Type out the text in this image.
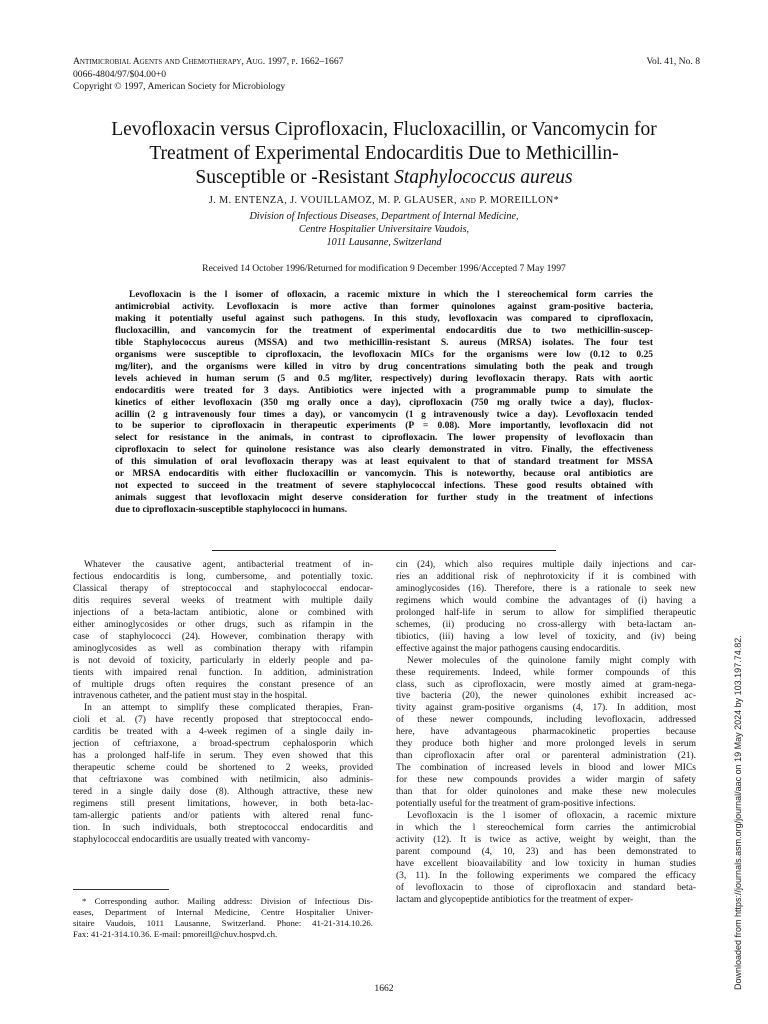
Antimicrobial Agents and Chemotherapy, Aug. 1997, p. 1662–1667
0066-4804/97/$04.00+0
Copyright © 1997, American Society for Microbiology
Vol. 41, No. 8
Levofloxacin versus Ciprofloxacin, Flucloxacillin, or Vancomycin for
Treatment of Experimental Endocarditis Due to Methicillin-
Susceptible or -Resistant Staphylococcus aureus
J. M. ENTENZA, J. VOUILLAMOZ, M. P. GLAUSER, and P. MOREILLON*
Division of Infectious Diseases, Department of Internal Medicine,
Centre Hospitalier Universitaire Vaudois,
1011 Lausanne, Switzerland
Received 14 October 1996/Returned for modification 9 December 1996/Accepted 7 May 1997
Levofloxacin is the l isomer of ofloxacin, a racemic mixture in which the l stereochemical form carries the
antimicrobial activity. Levofloxacin is more active than former quinolones against gram-positive bacteria,
making it potentially useful against such pathogens. In this study, levofloxacin was compared to ciprofloxacin,
flucloxacillin, and vancomycin for the treatment of experimental endocarditis due to two methicillin-suscep-
tible Staphylococcus aureus (MSSA) and two methicillin-resistant S. aureus (MRSA) isolates. The four test
organisms were susceptible to ciprofloxacin, the levofloxacin MICs for the organisms were low (0.12 to 0.25
mg/liter), and the organisms were killed in vitro by drug concentrations simulating both the peak and trough
levels achieved in human serum (5 and 0.5 mg/liter, respectively) during levofloxacin therapy. Rats with aortic
endocarditis were treated for 3 days. Antibiotics were injected with a programmable pump to simulate the
kinetics of either levofloxacin (350 mg orally once a day), ciprofloxacin (750 mg orally twice a day), fluclox-
acillin (2 g intravenously four times a day), or vancomycin (1 g intravenously twice a day). Levofloxacin tended
to be superior to ciprofloxacin in therapeutic experiments (P = 0.08). More importantly, levofloxacin did not
select for resistance in the animals, in contrast to ciprofloxacin. The lower propensity of levofloxacin than
ciprofloxacin to select for quinolone resistance was also clearly demonstrated in vitro. Finally, the effectiveness
of this simulation of oral levofloxacin therapy was at least equivalent to that of standard treatment for MSSA
or MRSA endocarditis with either flucloxacillin or vancomycin. This is noteworthy, because oral antibiotics are
not expected to succeed in the treatment of severe staphylococcal infections. These good results obtained with
animals suggest that levofloxacin might deserve consideration for further study in the treatment of infections
due to ciprofloxacin-susceptible staphylococci in humans.
Whatever the causative agent, antibacterial treatment of in-
fectious endocarditis is long, cumbersome, and potentially toxic.
Classical therapy of streptococcal and staphylococcal endocar-
ditis requires several weeks of treatment with multiple daily
injections of a beta-lactam antibiotic, alone or combined with
either aminoglycosides or other drugs, such as rifampin in the
case of staphylococci (24). However, combination therapy with
aminoglycosides as well as combination therapy with rifampin
is not devoid of toxicity, particularly in elderly people and pa-
tients with impaired renal function. In addition, administration
of multiple drugs often requires the constant presence of an
intravenous catheter, and the patient must stay in the hospital.
In an attempt to simplify these complicated therapies, Fran-
cioli et al. (7) have recently proposed that streptococcal endo-
carditis be treated with a 4-week regimen of a single daily in-
jection of ceftriaxone, a broad-spectrum cephalosporin which
has a prolonged half-life in serum. They even showed that this
therapeutic scheme could be shortened to 2 weeks, provided
that ceftriaxone was combined with netilmicin, also adminis-
tered in a single daily dose (8). Although attractive, these new
regimens still present limitations, however, in both beta-lac-
tam-allergic patients and/or patients with altered renal func-
tion. In such individuals, both streptococcal endocarditis and
staphylococcal endocarditis are usually treated with vancomy-
cin (24), which also requires multiple daily injections and car-
ries an additional risk of nephrotoxicity if it is combined with
aminoglycosides (16). Therefore, there is a rationale to seek new
regimens which would combine the advantages of (i) having a
prolonged half-life in serum to allow for simplified therapeutic
schemes, (ii) producing no cross-allergy with beta-lactam an-
tibiotics, (iii) having a low level of toxicity, and (iv) being
effective against the major pathogens causing endocarditis.
Newer molecules of the quinolone family might comply with
these requirements. Indeed, while former compounds of this
class, such as ciprofloxacin, were mostly aimed at gram-nega-
tive bacteria (20), the newer quinolones exhibit increased ac-
tivity against gram-positive organisms (4, 17). In addition, most
of these newer compounds, including levofloxacin, addressed
here, have advantageous pharmacokinetic properties because
they produce both higher and more prolonged levels in serum
than ciprofloxacin after oral or parenteral administration (21).
The combination of increased levels in blood and lower MICs
for these new compounds provides a wider margin of safety
than that for older quinolones and make these new molecules
potentially useful for the treatment of gram-positive infections.
Levofloxacin is the l isomer of ofloxacin, a racemic mixture
in which the l stereochemical form carries the antimicrobial
activity (12). It is twice as active, weight by weight, than the
parent compound (4, 10, 23) and has been demonstrated to
have excellent bioavailability and low toxicity in human studies
(3, 11). In the following experiments we compared the efficacy
of levofloxacin to those of ciprofloxacin and standard beta-
lactam and glycopeptide antibiotics for the treatment of exper-
* Corresponding author. Mailing address: Division of Infectious Dis-
eases, Department of Internal Medicine, Centre Hospitalier Univer-
sitaire Vaudois, 1011 Lausanne, Switzerland. Phone: 41-21-314.10.26.
Fax: 41-21-314.10.36. E-mail: pmoreill@chuv.hospvd.ch.
1662	Downloaded from https://journals.asm.org/journal/aac on 19 May 2024 by 103.197.74.82.
